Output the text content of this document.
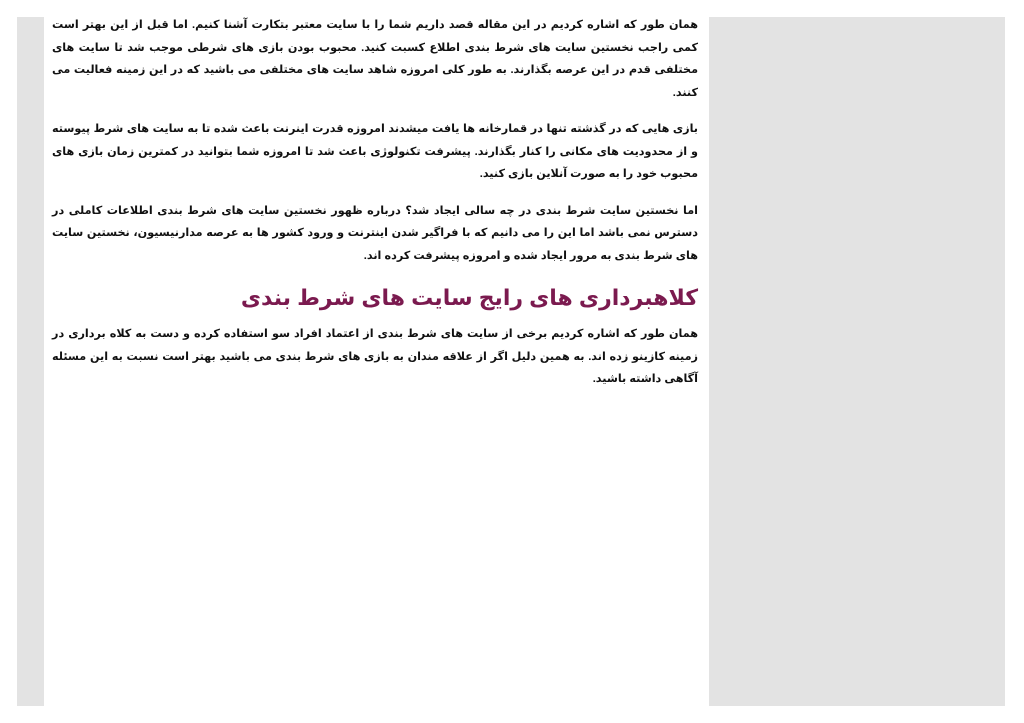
همان طور که اشاره کردیم در این مقاله قصد داریم شما را با سایت معتبر بتکارت آشنا کنیم. اما قبل از این بهتر است کمی راجب نخستین سایت های شرط بندی اطلاع کسبت کنید. محبوب بودن بازی های شرطی موجب شد تا سایت های مختلفی قدم در این عرصه بگذارند. به طور کلی امروزه شاهد سایت های مختلفی می باشید که در این زمینه فعالیت می کنند.

بازی هایی که در گذشته تنها در قمارخانه ها یافت میشدند امروزه قدرت اینرنت باعث شده تا به سایت های شرط پیوسته و از محدودیت های مکانی را کنار بگذارند. پیشرفت تکنولوژی باعث شد تا امروزه شما بتوانید در کمترین زمان بازی های محبوب خود را به صورت آنلاین بازی کنید.

اما نخستین سایت شرط بندی در چه سالی ایجاد شد؟ درباره ظهور نخستین سایت های شرط بندی اطلاعات کاملی در دسترس نمی باشد اما این را می دانیم که با فراگیر شدن اینترنت و ورود کشور ها به عرصه مدارنیسیون، نخستین سایت های شرط بندی به مرور ایجاد شده و امروزه پیشرفت کرده اند.

کلاهبرداری های رایج سایت های شرط بندی

همان طور که اشاره کردیم برخی از سایت های شرط بندی از اعتماد افراد سو استفاده کرده و دست به کلاه برداری در زمینه کازینو زده اند. به همین دلیل اگر از علاقه مندان به بازی های شرط بندی می باشید بهتر است نسبت به این مسئله آگاهی داشته باشید.
